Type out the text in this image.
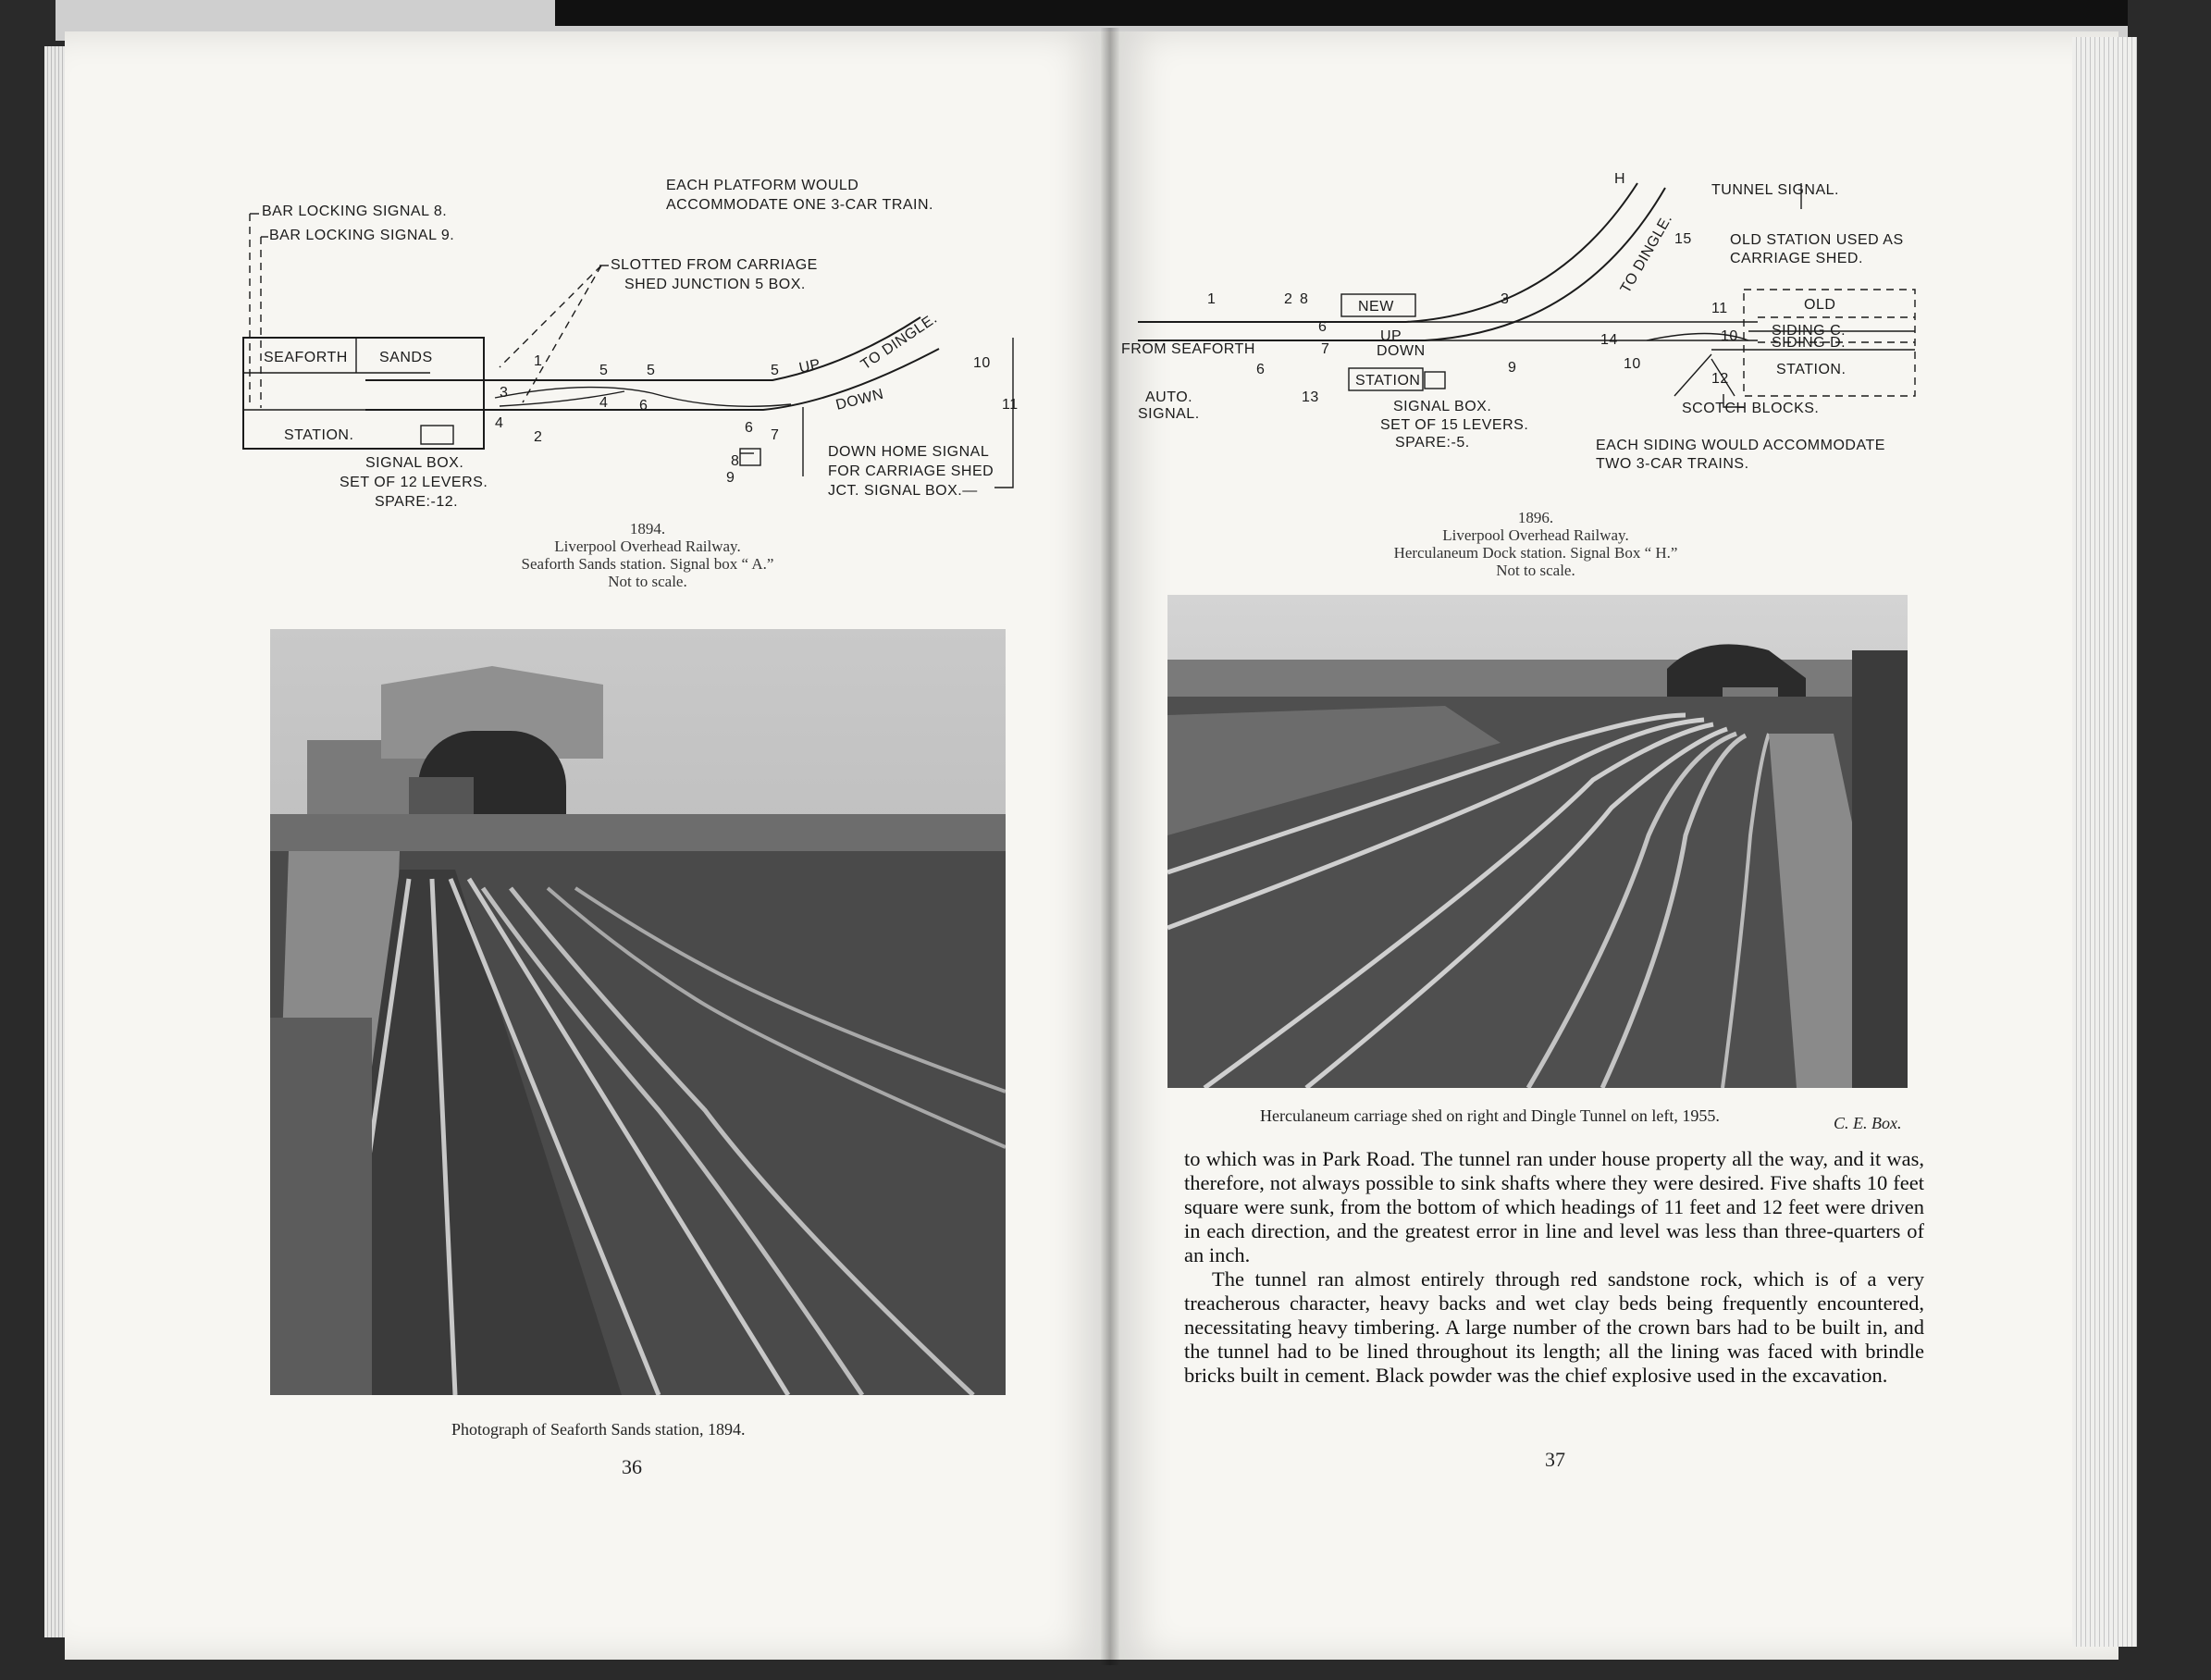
EACH PLATFORM WOULD
ACCOMMODATE ONE 3-CAR TRAIN.
BAR LOCKING SIGNAL 8.
BAR LOCKING SIGNAL 9.
SLOTTED FROM CARRIAGE
SHED JUNCTION 5 BOX.
SEAFORTH SANDS
STATION.
UP
DOWN
TO DINGLE.
SIGNAL BOX.
SET OF 12 LEVERS.
SPARE:-12.
DOWN HOME SIGNAL
FOR CARRIAGE SHED
JCT. SIGNAL BOX.—
1
2
3
4
4
5	5	5
6
6 7
8
9
10
11
1894.
Liverpool Overhead Railway.
Seaforth Sands station. Signal box “ A.”
Not to scale.
Photograph of Seaforth Sands station, 1894.
36
TUNNEL SIGNAL.
OLD STATION USED AS
CARRIAGE SHED.
TO DINGLE.
FROM SEAFORTH
NEW
STATION
UP
DOWN
OLD
SIDING C.
SIDING D.
STATION.
AUTO.
SIGNAL.	SIGNAL BOX.
SET OF 15 LEVERS.
SPARE:-5.
SCOTCH BLOCKS.
EACH SIDING WOULD ACCOMMODATE
TWO 3-CAR TRAINS.
1	2 8	3
6
6
7
9
13
14
15
10
10
11
12
H
1896.
Liverpool Overhead Railway.
Herculaneum Dock station. Signal Box “ H.”
Not to scale.
Herculaneum carriage shed on right and Dingle Tunnel on left, 1955.	C. E. Box.

to which was in Park Road. The tunnel ran under house property all the way, and it was, therefore, not always possible to sink shafts where they were desired. Five shafts 10 feet square were sunk, from the bottom of which headings of 11 feet and 12 feet were driven in each direction, and the greatest error in line and level was less than three-quarters of an inch.

The tunnel ran almost entirely through red sandstone rock, which is of a very treacherous character, heavy backs and wet clay beds being frequently encountered, necessitating heavy timbering. A large number of the crown bars had to be built in, and the tunnel had to be lined throughout its length; all the lining was faced with brindle bricks built in cement. Black powder was the chief explosive used in the excavation.

37
